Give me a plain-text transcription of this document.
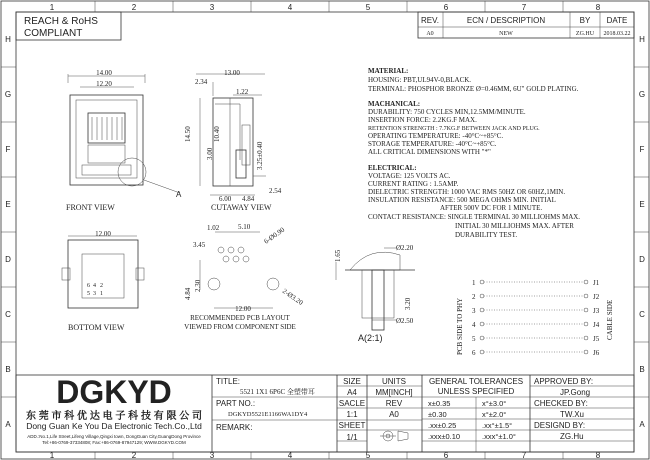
1	2	3	4	5	6	7	8
1	2	3	4	5	6	7	8
H
G
F
E
D
C
B
A
H
G
F
E
D
C
B
A
REACH & RoHS
COMPLIANT
REV.	ECN / DESCRIPTION	BY DATE
A0	NEW	ZG.HU 2018.03.22
14.00
12.20
A
FRONT VIEW
13.00
2.34
1.22
14.50	10.40
3.00	3.25±0.40
6.00 4.84
2.54
CUTAWAY VIEW
12.00
6 4 2
5 3 1
BOTTOM VIEW
1.02	5.10
3.45	6-Ø0.90
2.30
4.84
12.00
2-Ø3.20
RECOMMENDED PCB LAYOUT
VIEWED FROM COMPONENT SIDE
1.65
Ø2.20
3.20
Ø2.50
A(2:1)
MATERIAL:
HOUSING: PBT,UL94V-0,BLACK.
TERMINAL: PHOSPHOR BRONZE Ø=0.46MM, 6U" GOLD PLATING.
MACHANICAL:
DURABILITY: 750 CYCLES MIN,12.5MM/MINUTE.
INSERTION FORCE: 2.2KG.F MAX.
RETENTION STRENGTH : 7.7KG.F BETWEEN JACK AND PLUG.
OPERATING TEMPERATURE: -40°C~+85°C.
STORAGE TEMPERATURE: -40°C~+85°C.
ALL CRITICAL DIMENSIONS WITH "*"
ELECTRICAL:
VOLTAGE: 125 VOLTS AC.
CURRENT RATING : 1.5AMP.
DIELECTRIC STRENGTH: 1000 VAC RMS 50HZ OR 60HZ,1MIN.
INSULATION RESISTANCE: 500 MEGA OHMS MIN. INITIAL
AFTER 500V DC FOR 1 MINUTE.
CONTACT RESISTANCE: SINGLE TERMINAL 30 MILLIOHMS MAX.
INITIAL 30 MILLIOHMS MAX. AFTER
DURABILITY TEST.
PCB SIDE TO PHY	CABLE SIDE
1	J1
2	J2
3	J3
4	J4
5	J5
6	J6
DGKYD
东 莞 市 科 优 达 电 子 科 技 有 限 公 司
Dong Guan Ke You Da Electronic Tech.Co.,Ltd
ADD.:No.1,Life Street,Lifeng Village,Qingxi town, DongGuan City,GuangDong Province
Tel:+86-0769-37334808; Fax:+86-0769-87947129; WWW.DGKYD.COM
TITLE:
5521 1X1 6P6C 全塑带耳
PART NO.:
DGKYD5521E1166WA1DY4
REMARK:
SIZE
A4
UNITS
MM[INCH]
SACLE
1:1
REV
A0
SHEET
1/1
GENERAL TOLERANCES
UNLESS SPECIFIED
x±0.35	x°±3.0°
±0.30	x°±2.0°
.xx±0.25	.xx°±1.5°
.xxx±0.10	.xxx°±1.0°
APPROVED BY:
JP.Gong
CHECKED BY:
TW.Xu
DESIGND BY:
ZG.Hu
